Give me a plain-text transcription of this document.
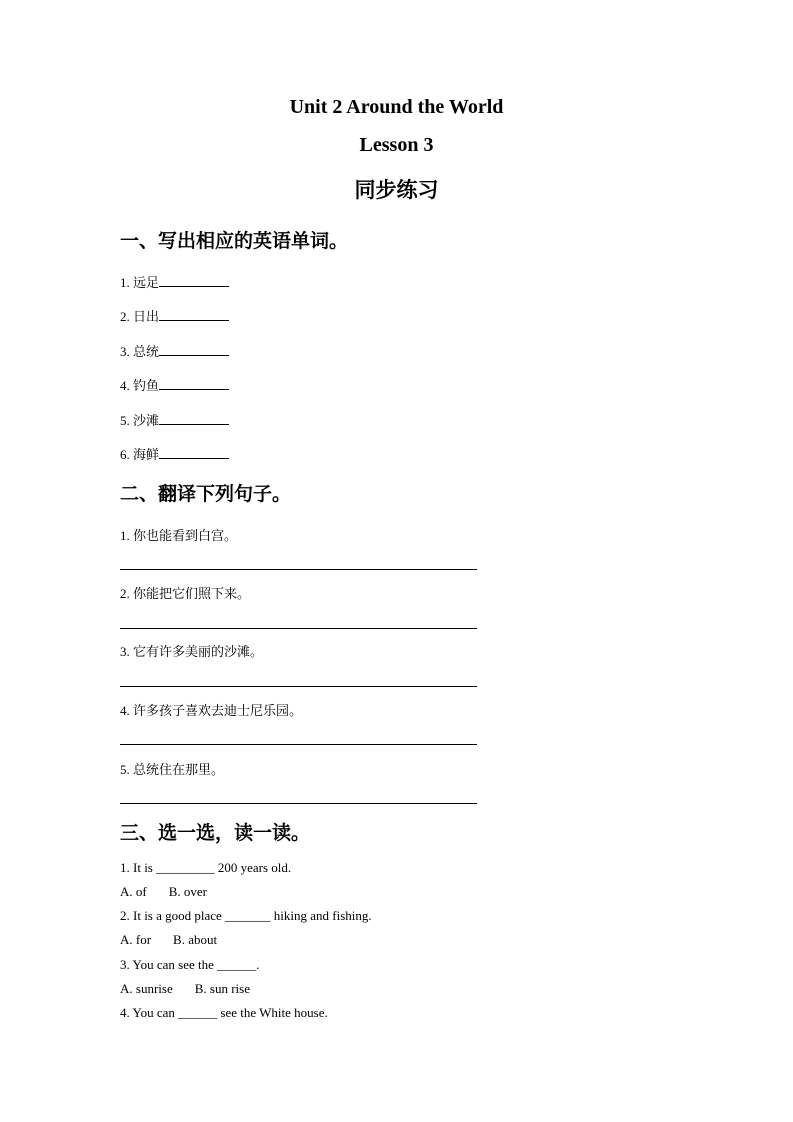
Unit 2 Around the World
Lesson 3
同步练习
一、写出相应的英语单词。
1. 远足
2. 日出
3. 总统
4. 钓鱼
5. 沙滩
6. 海鲜
二、翻译下列句子。
1. 你也能看到白宫。
2. 你能把它们照下来。
3. 它有许多美丽的沙滩。
4. 许多孩子喜欢去迪士尼乐园。
5. 总统住在那里。
三、选一选，读一读。
1. It is _________ 200 years old.
A. of B. over
2. It is a good place _______ hiking and fishing.
A. for B. about
3. You can see the ______.
A. sunrise B. sun rise
4. You can ______ see the White house.
